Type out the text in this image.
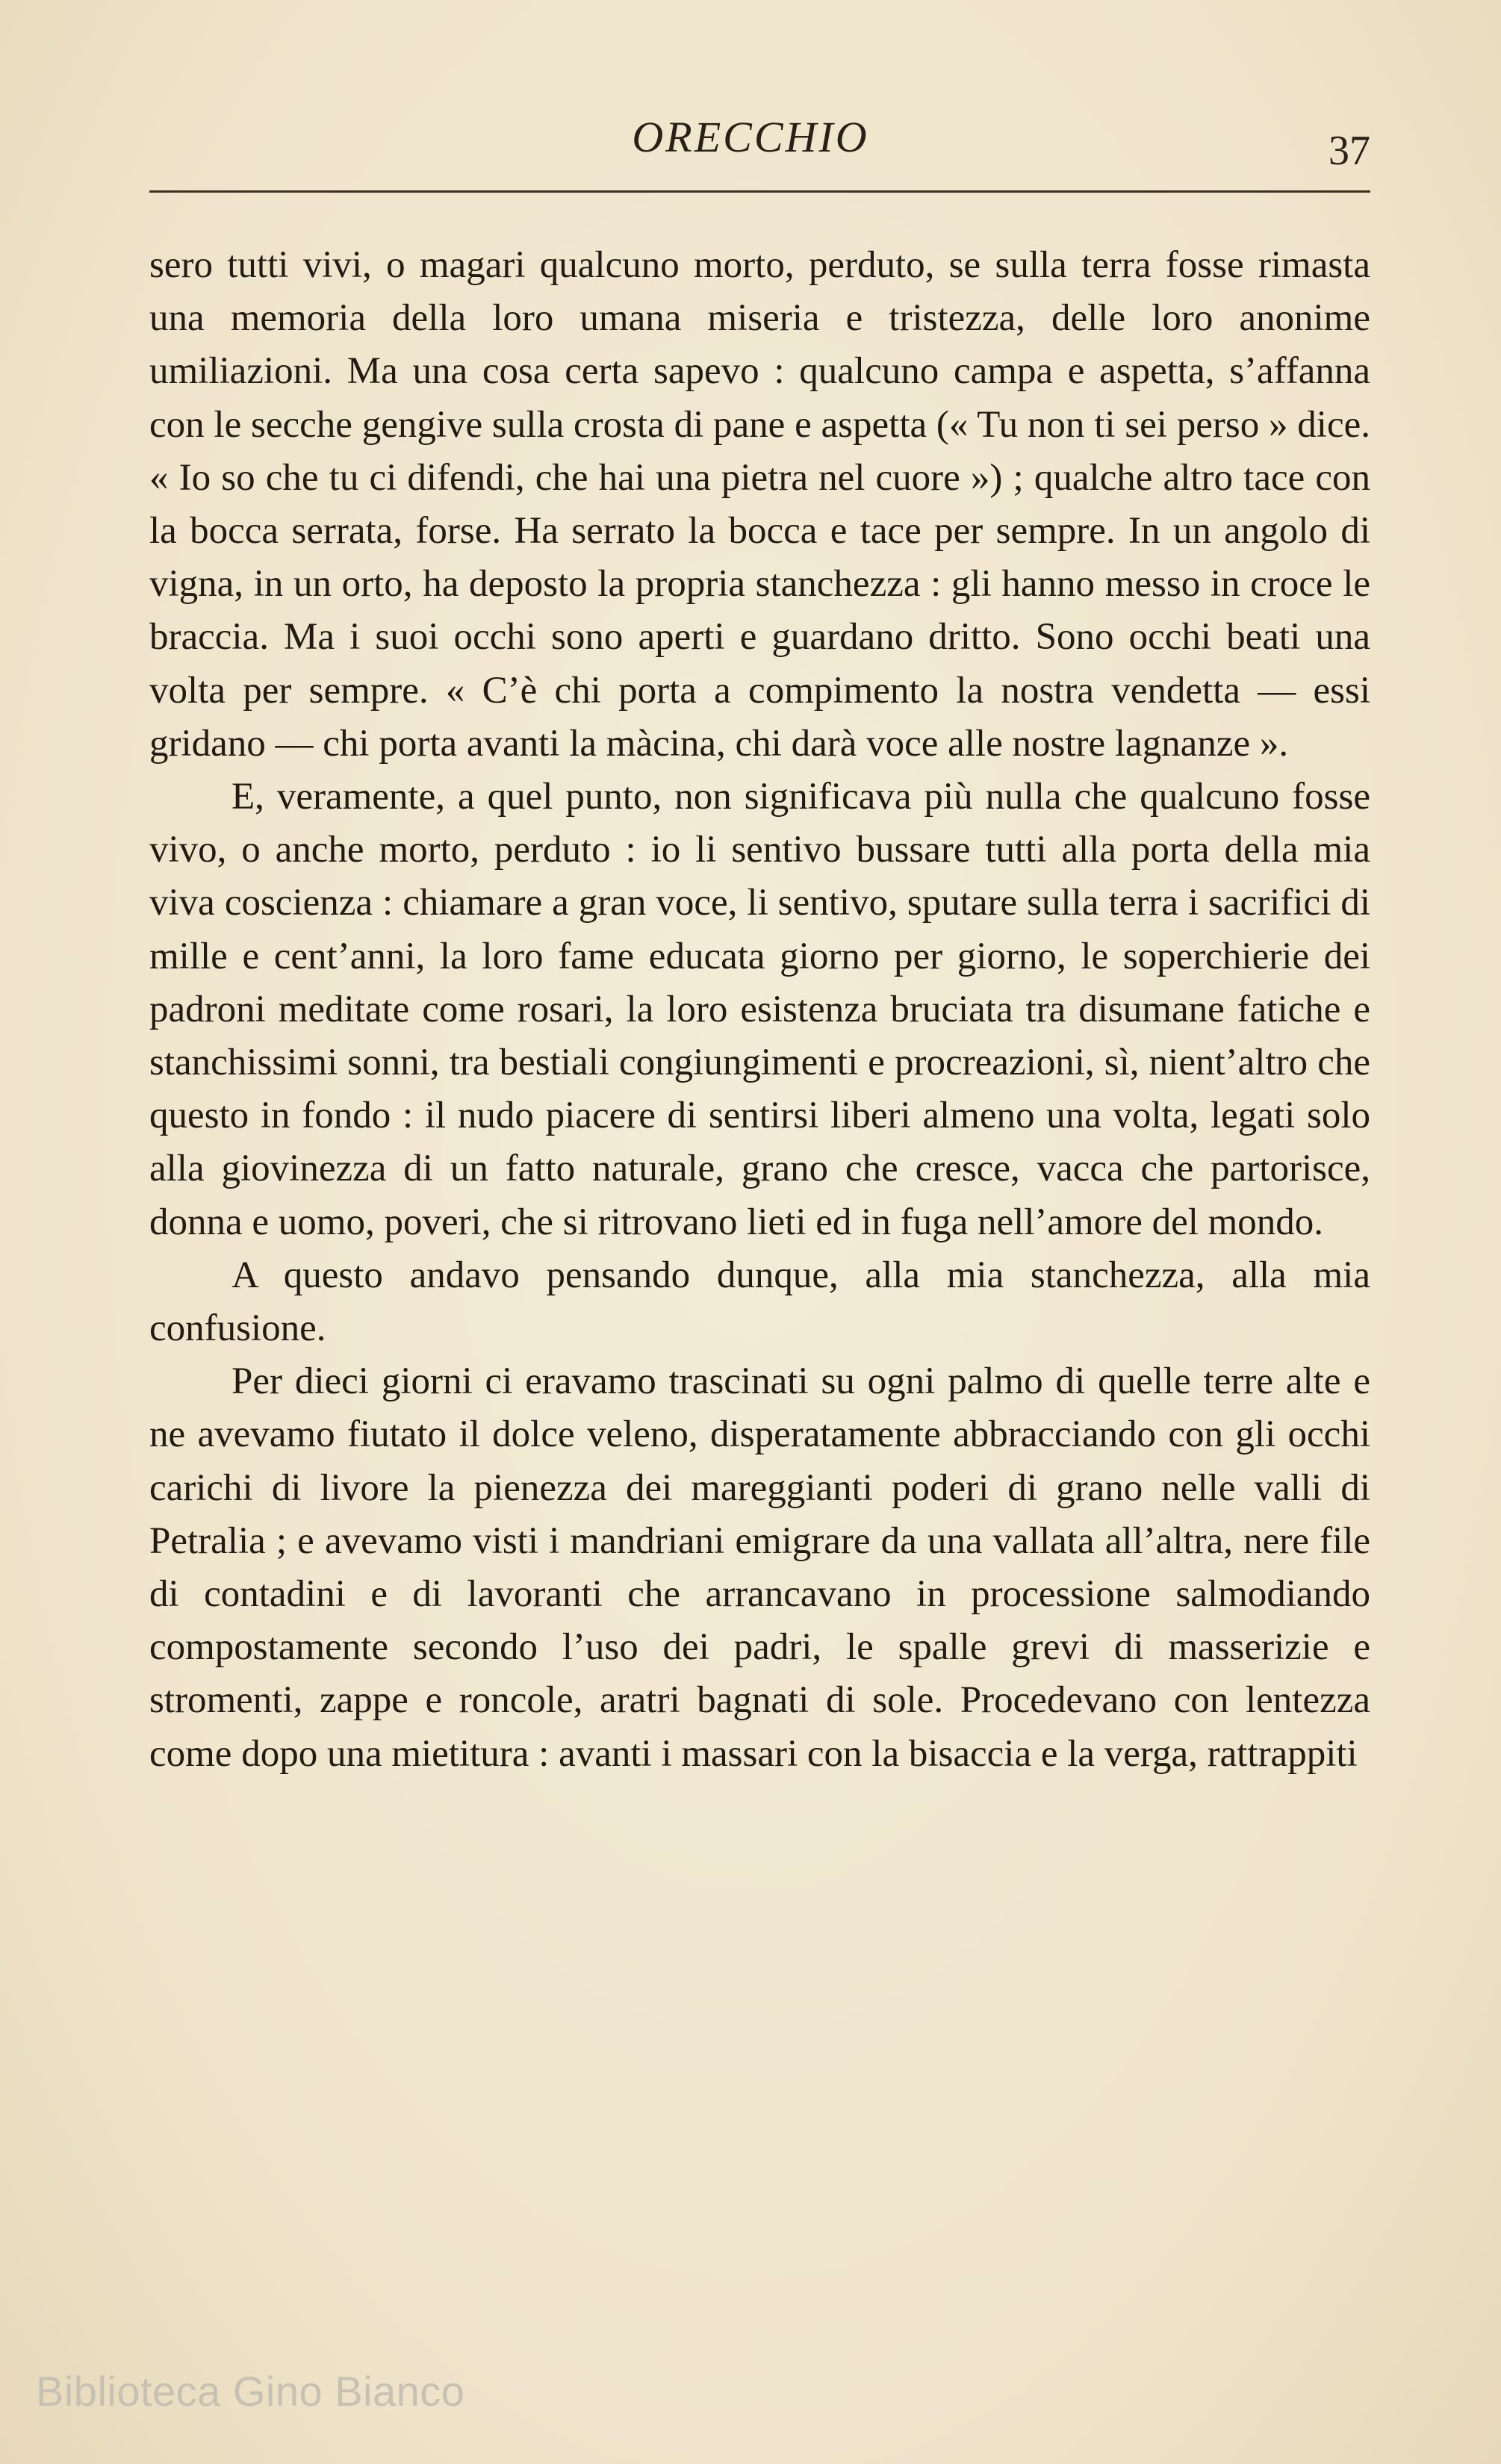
ORECCHIO	37

sero tutti vivi, o magari qualcuno morto, perduto, se sulla terra fosse rimasta una memoria della loro umana miseria e tristezza, delle loro anonime umiliazioni. Ma una cosa certa sapevo : qualcuno campa e aspetta, s’affanna con le secche gengive sulla crosta di pane e aspetta (« Tu non ti sei perso » dice. « Io so che tu ci difendi, che hai una pietra nel cuore ») ; qualche altro tace con la bocca serrata, forse. Ha serrato la bocca e tace per sempre. In un angolo di vigna, in un orto, ha deposto la propria stanchezza : gli hanno messo in croce le braccia. Ma i suoi occhi sono aperti e guardano dritto. Sono occhi beati una volta per sempre. « C’è chi porta a compimento la nostra vendetta — essi gridano — chi porta avanti la màcina, chi darà voce alle nostre lagnanze ».

E, veramente, a quel punto, non significava più nulla che qualcuno fosse vivo, o anche morto, perduto : io li sentivo bussare tutti alla porta della mia viva coscienza : chiamare a gran voce, li sentivo, sputare sulla terra i sacrifici di mille e cent’anni, la loro fame educata giorno per giorno, le soperchierie dei padroni meditate come rosari, la loro esistenza bruciata tra disumane fatiche e stanchissimi sonni, tra bestiali congiungimenti e procreazioni, sì, nient’altro che questo in fondo : il nudo piacere di sentirsi liberi almeno una volta, legati solo alla giovinezza di un fatto naturale, grano che cresce, vacca che partorisce, donna e uomo, poveri, che si ritrovano lieti ed in fuga nell’amore del mondo.

A questo andavo pensando dunque, alla mia stanchezza, alla mia confusione.

Per dieci giorni ci eravamo trascinati su ogni palmo di quelle terre alte e ne avevamo fiutato il dolce veleno, disperatamente abbracciando con gli occhi carichi di livore la pienezza dei mareggianti poderi di grano nelle valli di Petralia ; e avevamo visti i mandriani emigrare da una vallata all’altra, nere file di contadini e di lavoranti che arrancavano in processione salmodiando compostamente secondo l’uso dei padri, le spalle grevi di masserizie e stromenti, zappe e roncole, aratri bagnati di sole. Procedevano con lentezza come dopo una mietitura : avanti i massari con la bisaccia e la verga, rattrappiti

Biblioteca Gino Bianco
